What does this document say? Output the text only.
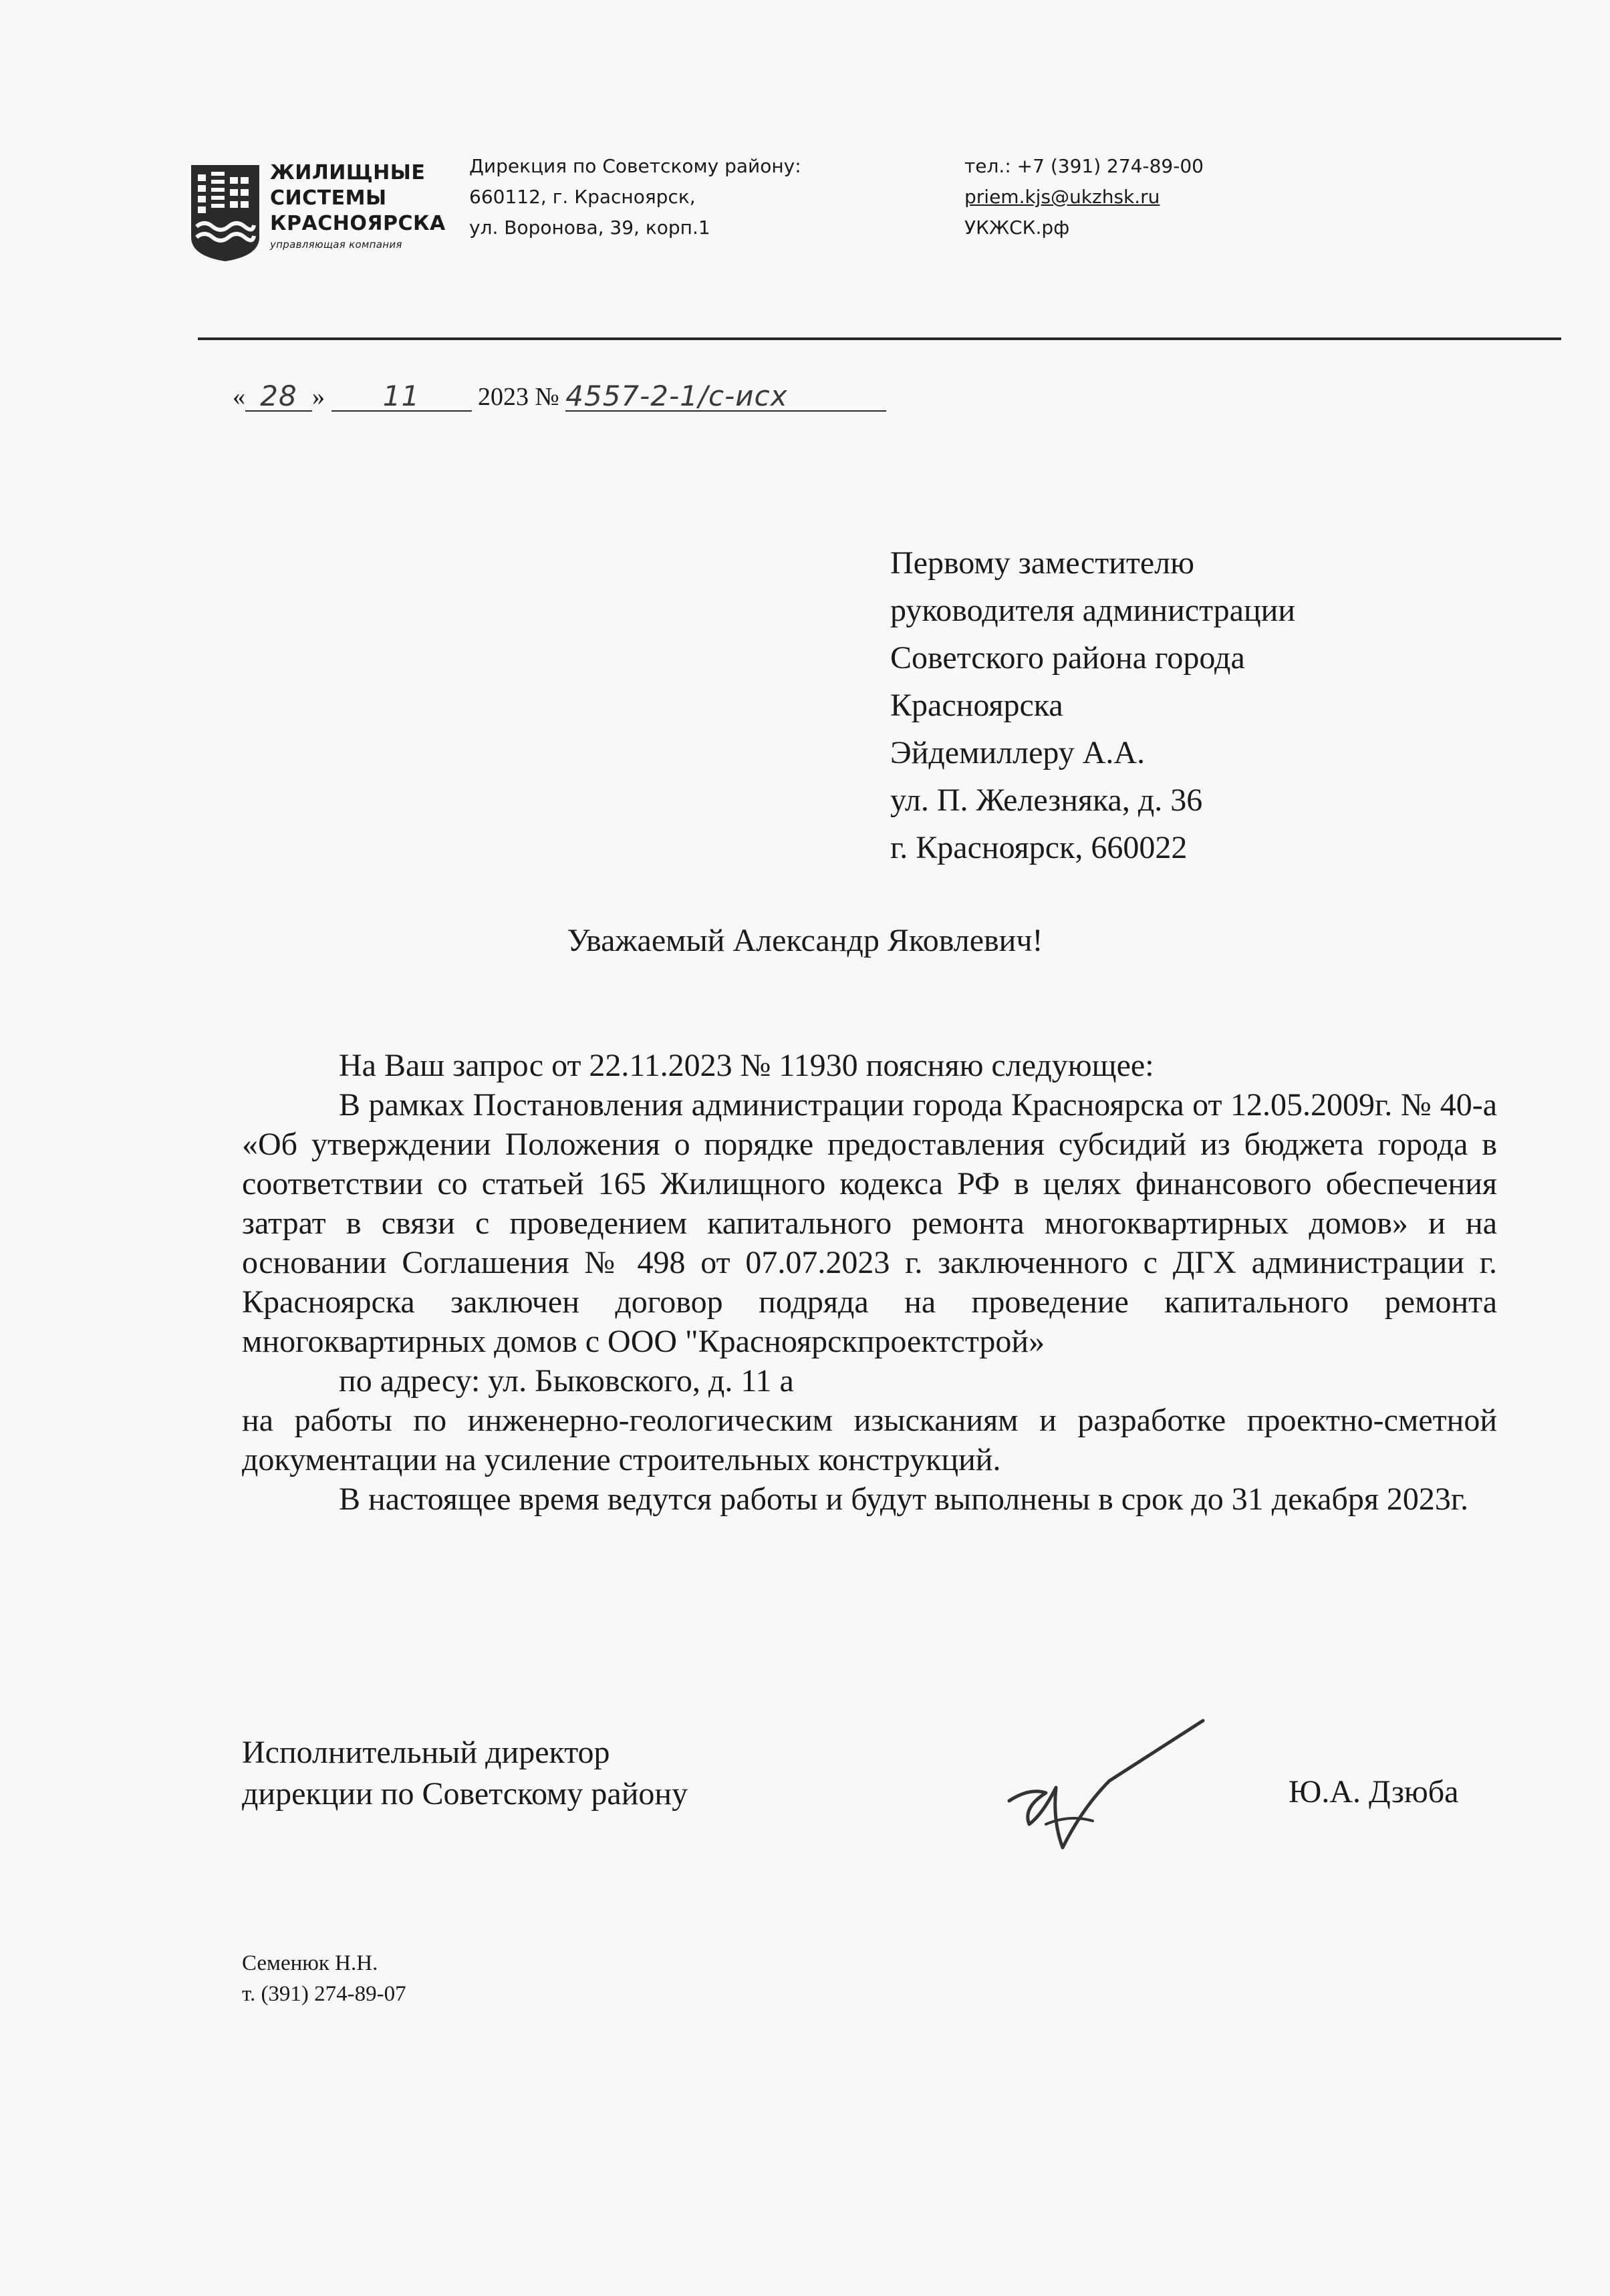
ЖИЛИЩНЫЕ
СИСТЕМЫ
КРАСНОЯРСКА
управляющая компания
Дирекция по Советскому району:
660112, г. Красноярск,
ул. Воронова, 39, корп.1
тел.: +7 (391) 274-89-00
priem.kjs@ukzhsk.ru
УКЖСК.рф
« 28 » 11 2023 № 4557-2-1/с-исх
Первому заместителю
руководителя администрации
Советского района города
Красноярска
Эйдемиллеру А.А.
ул. П. Железняка, д. 36
г. Красноярск, 660022
Уважаемый Александр Яковлевич!

На Ваш запрос от 22.11.2023 № 11930 поясняю следующее:

В рамках Постановления администрации города Красноярска от 12.05.2009г. № 40-а «Об утверждении Положения о порядке предоставления субсидий из бюджета города в соответствии со статьей 165 Жилищного кодекса РФ в целях финансового обеспечения затрат в связи с проведением капитального ремонта многоквартирных домов» и на основании Соглашения № 498 от 07.07.2023 г. заключенного с ДГХ администрации г. Красноярска заключен договор подряда на проведение капитального ремонта многоквартирных домов с ООО "Красноярскпроектстрой»

по адресу: ул. Быковского, д. 11 а

на работы по инженерно-геологическим изысканиям и разработке проектно-сметной документации на усиление строительных конструкций.

В настоящее время ведутся работы и будут выполнены в срок до 31 декабря 2023г.

Исполнительный директор
дирекции по Советскому району	Ю.А. Дзюба
Семенюк Н.Н.
т. (391) 274-89-07
